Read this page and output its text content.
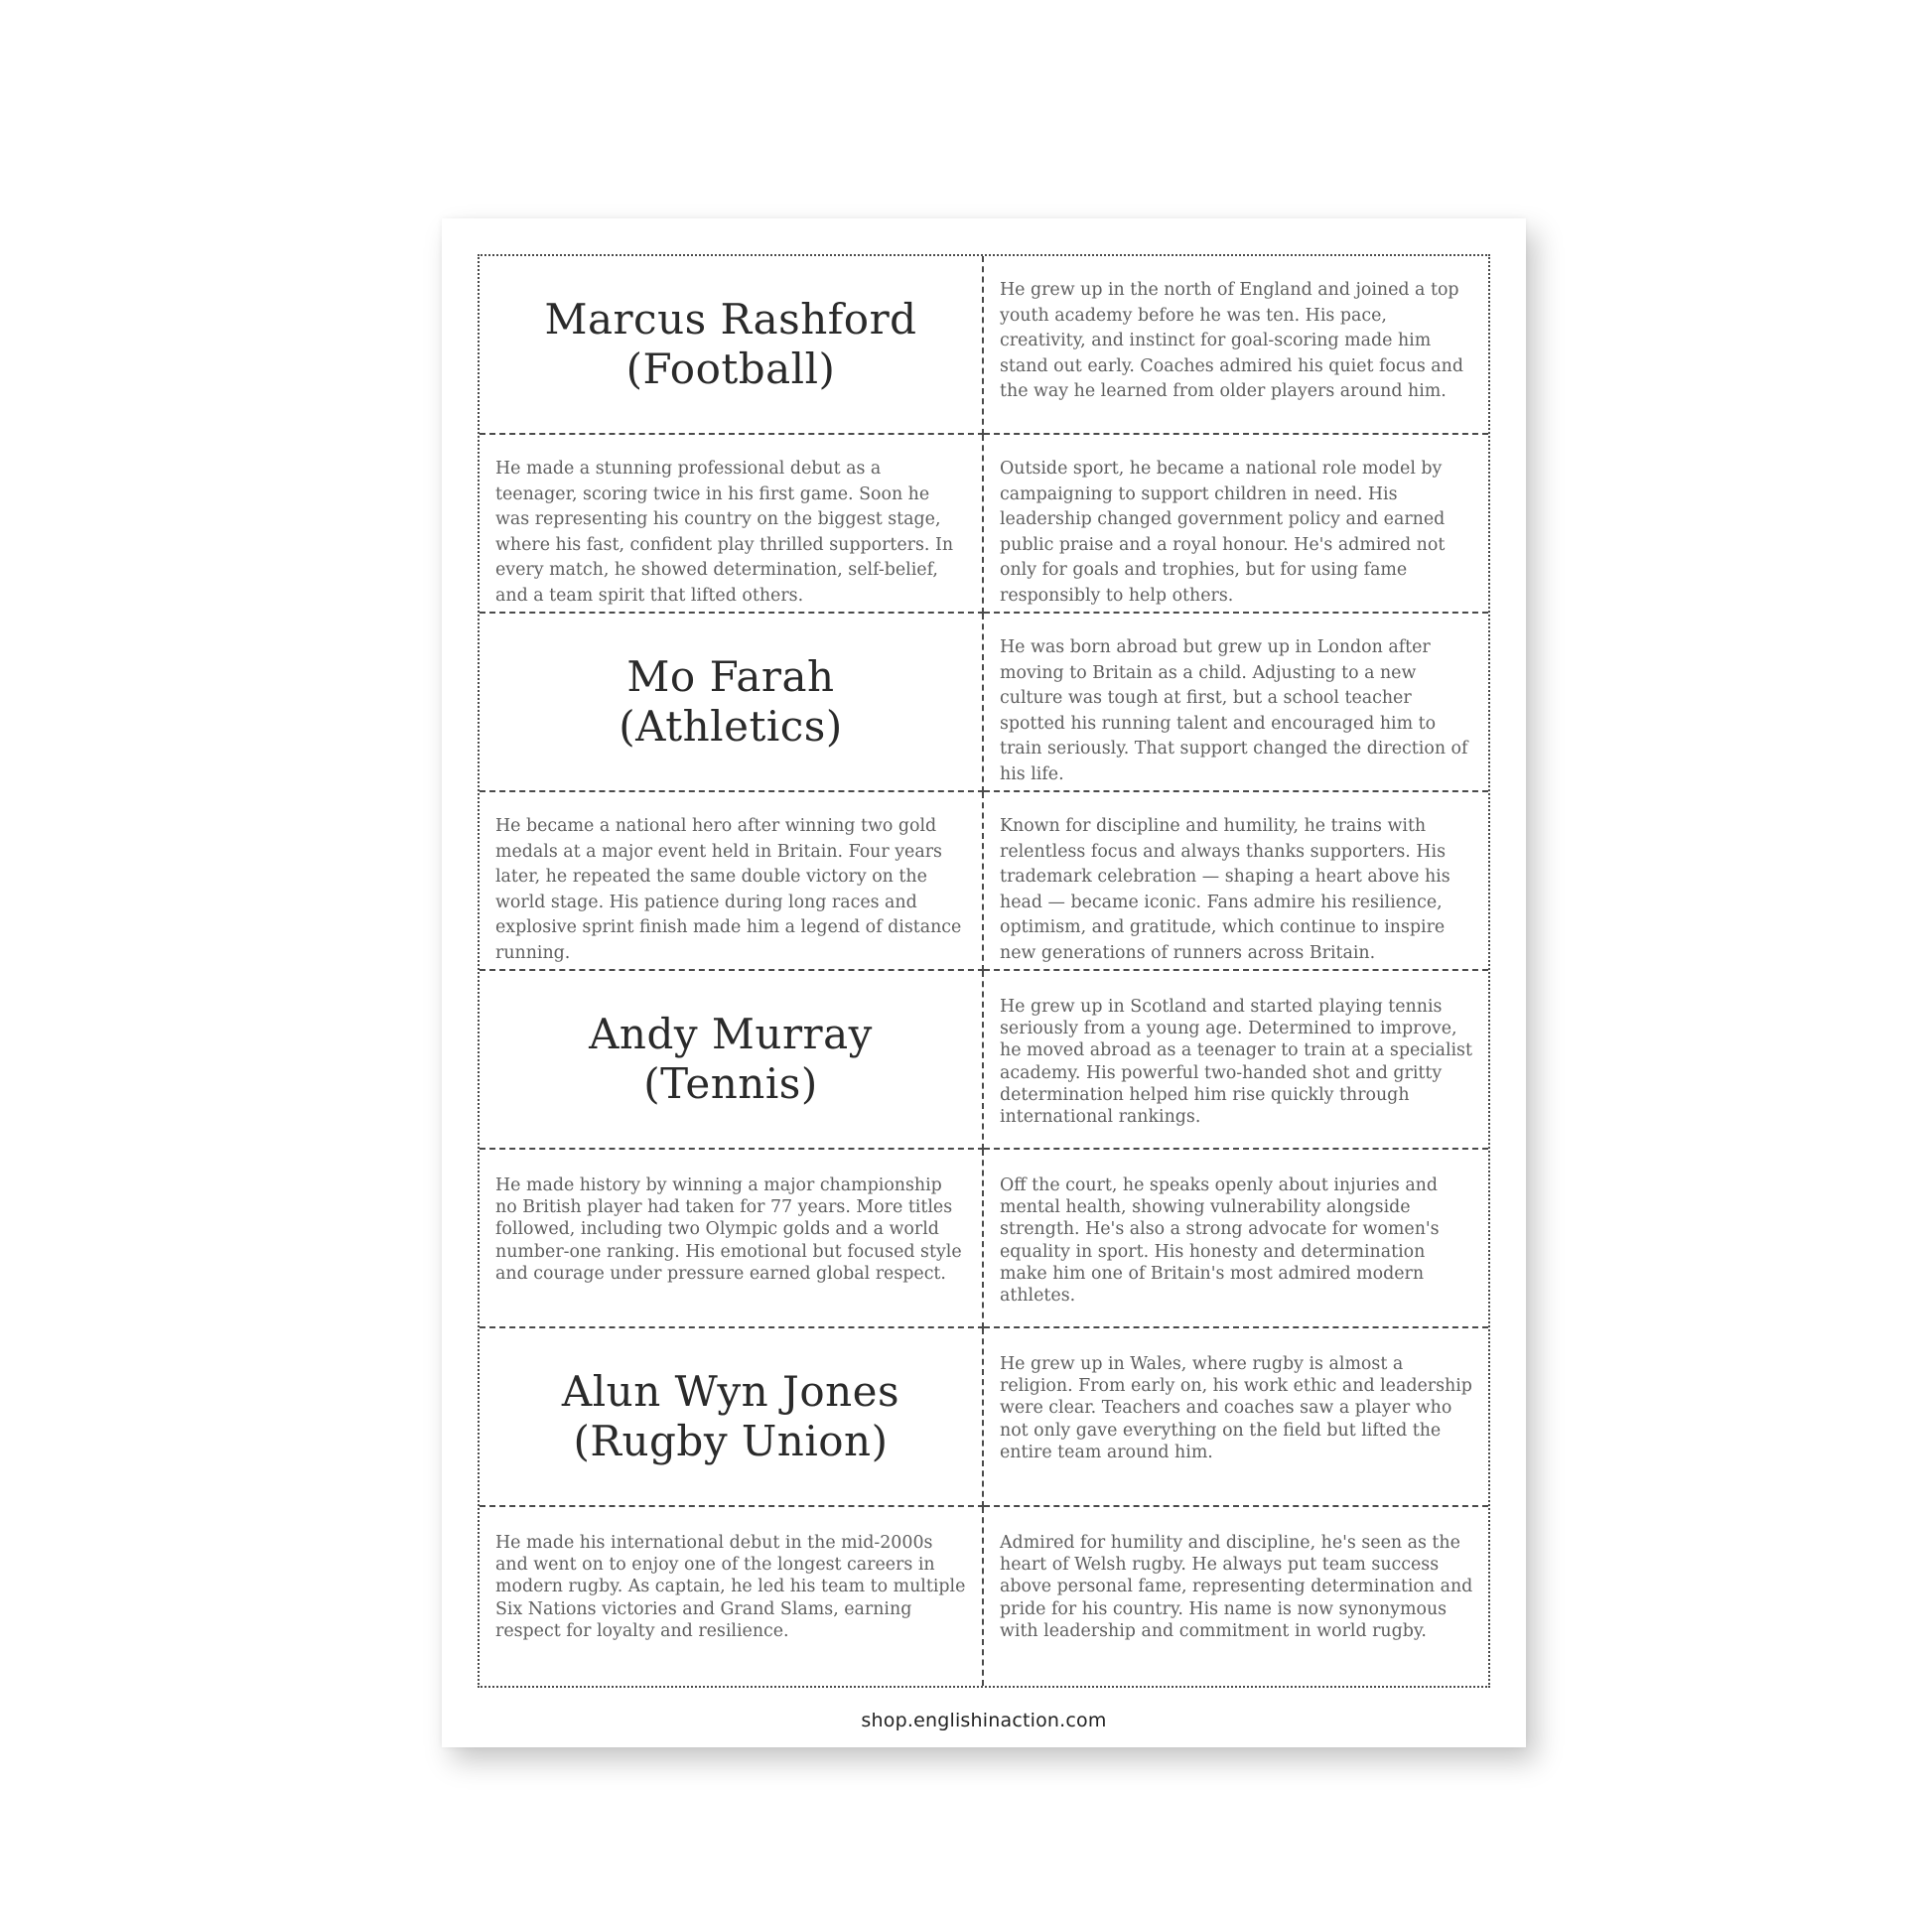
Marcus Rashford
(Football)
He grew up in the north of England and joined a top youth academy before he was ten. His pace, creativity, and instinct for goal-scoring made him stand out early. Coaches admired his quiet focus and the way he learned from older players around him.
He made a stunning professional debut as a teenager, scoring twice in his first game. Soon he was representing his country on the biggest stage, where his fast, confident play thrilled supporters. In every match, he showed determination, self-belief, and a team spirit that lifted others.
Outside sport, he became a national role model by campaigning to support children in need. His leadership changed government policy and earned public praise and a royal honour. He's admired not only for goals and trophies, but for using fame responsibly to help others.
Mo Farah
(Athletics)
He was born abroad but grew up in London after moving to Britain as a child. Adjusting to a new culture was tough at first, but a school teacher spotted his running talent and encouraged him to train seriously. That support changed the direction of his life.
He became a national hero after winning two gold medals at a major event held in Britain. Four years later, he repeated the same double victory on the world stage. His patience during long races and explosive sprint finish made him a legend of distance running.
Known for discipline and humility, he trains with relentless focus and always thanks supporters. His trademark celebration — shaping a heart above his head — became iconic. Fans admire his resilience, optimism, and gratitude, which continue to inspire new generations of runners across Britain.
Andy Murray
(Tennis)
He grew up in Scotland and started playing tennis seriously from a young age. Determined to improve, he moved abroad as a teenager to train at a specialist academy. His powerful two-handed shot and gritty determination helped him rise quickly through international rankings.
He made history by winning a major championship no British player had taken for 77 years. More titles followed, including two Olympic golds and a world number-one ranking. His emotional but focused style and courage under pressure earned global respect.
Off the court, he speaks openly about injuries and mental health, showing vulnerability alongside strength. He's also a strong advocate for women's equality in sport. His honesty and determination make him one of Britain's most admired modern athletes.
Alun Wyn Jones
(Rugby Union)
He grew up in Wales, where rugby is almost a religion. From early on, his work ethic and leadership were clear. Teachers and coaches saw a player who not only gave everything on the field but lifted the entire team around him.
He made his international debut in the mid-2000s and went on to enjoy one of the longest careers in modern rugby. As captain, he led his team to multiple Six Nations victories and Grand Slams, earning respect for loyalty and resilience.
Admired for humility and discipline, he's seen as the heart of Welsh rugby. He always put team success above personal fame, representing determination and pride for his country. His name is now synonymous with leadership and commitment in world rugby.
shop.englishinaction.com
